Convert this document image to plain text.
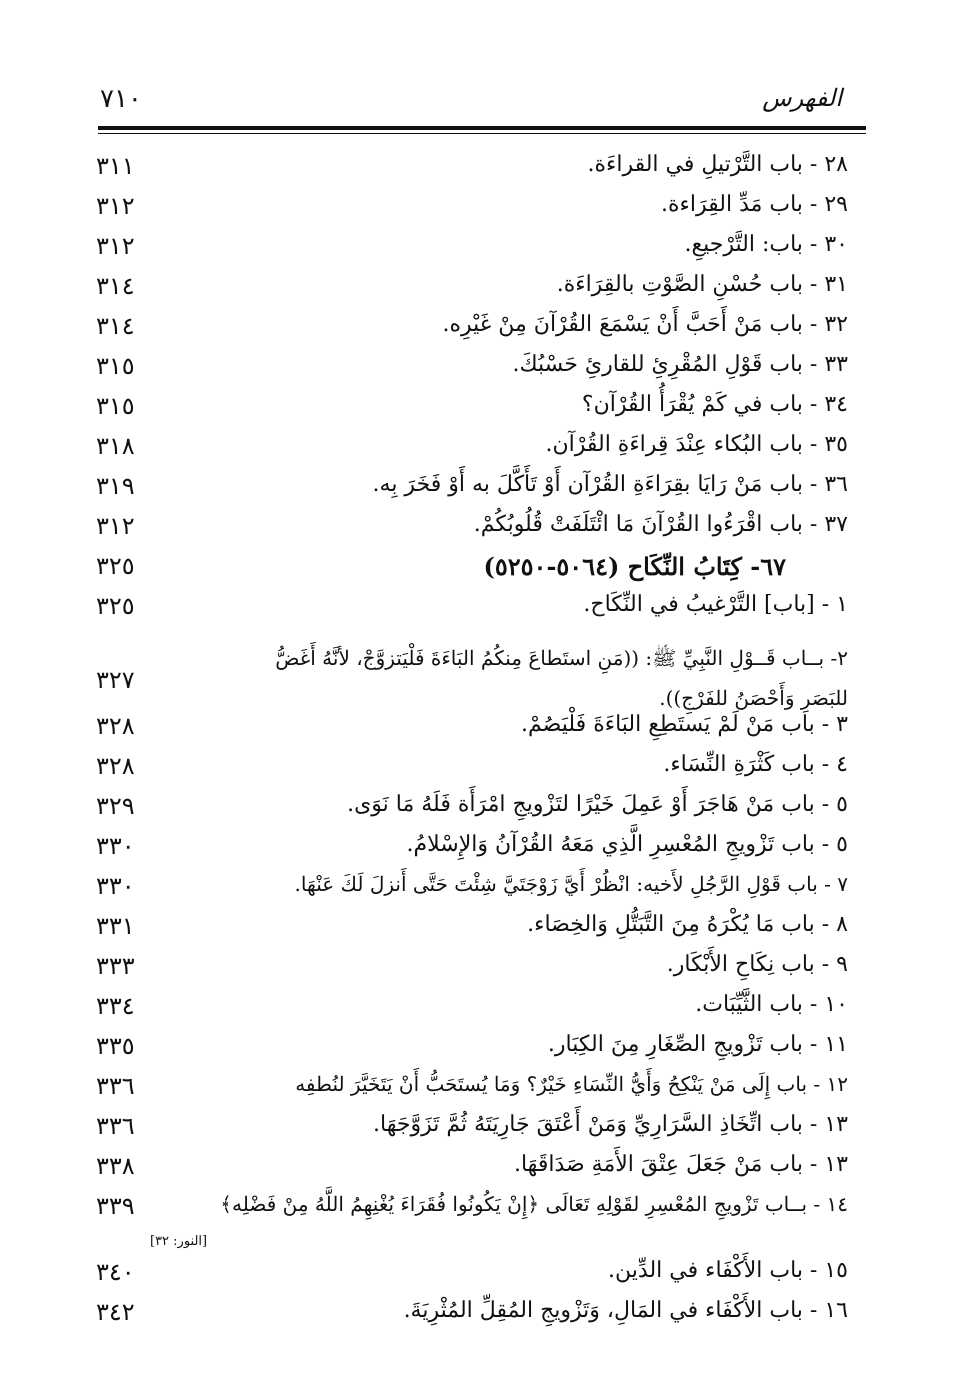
الفهرس
٧١٠
٢٨ - باب التَّرْتيلِ في القراءَة.
٣١١
٢٩ - باب مَدِّ القِرَاءة.
٣١٢
٣٠ - باب: التَّرْجيعِ.
٣١٢
٣١ - باب حُسْنِ الصَّوْتِ بالقِرَاءَة.
٣١٤
٣٢ - باب مَنْ أَحَبَّ أَنْ يَسْمَعَ القُرْآنَ مِنْ غَيْرِه.
٣١٤
٣٣ - باب قَوْلِ المُقْرِئِ للقارئِ حَسْبُكَ.
٣١٥
٣٤ - باب في كَمْ يُقْرَأُ القُرْآن؟
٣١٥
٣٥ - باب البُكاء عِنْدَ قِراءَةِ القُرْآن.
٣١٨
٣٦ - باب مَنْ رَايَا بقِرَاءَةِ القُرْآن أَوْ تَأَكَّلَ به أَوْ فَخَرَ بِه.
٣١٩
٣٧ - باب اقْرَءُوا القُرْآنَ مَا ائْتَلَفَتْ قُلُوبُكُمْ.
٣١٢
٦٧- كِتَابُ النِّكَاح (٥٠٦٤-٥٢٥٠)
٣٢٥
١ - [باب] التَّرْغيبُ في النِّكَاح.
٣٢٥
٢- بــاب قَــوْلِ النَّبِيِّ ﷺ: ((مَنِ استَطاعَ مِنكُمُ البَاءَةَ فَلْيَتزوَّجْ، لأنَّهُ أَغَضُّ
٣٢٧
للبَصَرِ وَأَحْصَنُ للفَرْجِ)).
٣ - باب مَنْ لَمْ يَستَطِعِ البَاءَةَ فَلْيَصُمْ.
٣٢٨
٤ - باب كَثْرَةِ النِّسَاء.
٣٢٨
٥ - باب مَنْ هَاجَرَ أَوْ عَمِلَ خَيْرًا لتَزْويجِ امْرَأَة فَلَهُ مَا نَوَى.
٣٢٩
٥ - باب تَزْويجِ المُعْسِرِ الَّذِي مَعَهُ القُرْآنُ وَالإِسْلامُ.
٣٣٠
٧ - باب قَوْلِ الرَّجُلِ لأَخيه: انْظُرْ أَيَّ زَوْجَتَيَّ شِئْتَ حَتَّى أَنزلَ لَكَ عَنْهَا.
٣٣٠
٨ - باب مَا يُكْرَهُ مِنَ التَّبَتُّلِ وَالخِصَاء.
٣٣١
٩ - باب نِكَاحِ الأَبْكَار.
٣٣٣
١٠ - باب الثَّيِّبَات.
٣٣٤
١١ - باب تَزْويجِ الصِّغَارِ مِنَ الكِبَار.
٣٣٥
١٢ - باب إِلَى مَنْ يَنْكِحُ وَأَيُّ النِّسَاءِ خَيْرٌ؟ وَمَا يُستَحَبُّ أَنْ يَتَخَيَّرَ لنُطفِه
٣٣٦
١٣ - باب اتِّخَاذِ السَّرَارِيِّ وَمَنْ أَعْتَقَ جَارِيَتَهُ ثُمَّ تَزَوَّجَهَا.
٣٣٦
١٣ - باب مَنْ جَعَلَ عِتْقَ الأَمَةِ صَدَاقَهَا.
٣٣٨
١٤ - بــاب تَزْويجِ المُعْسِرِ لقَوْلِهِ تَعَالَى ﴿إِنْ يَكُونُوا فُقَرَاءَ يُغْنِهِمُ اللَّهُ مِنْ فَضْلِه﴾
٣٣٩
١٥ - باب الأَكْفَاء في الدِّين.
٣٤٠
١٦ - باب الأَكْفَاء في المَالِ، وَتَزْويجِ المُقِلِّ المُثْرِيَةَ.
٣٤٢
[النور: ٣٢]
